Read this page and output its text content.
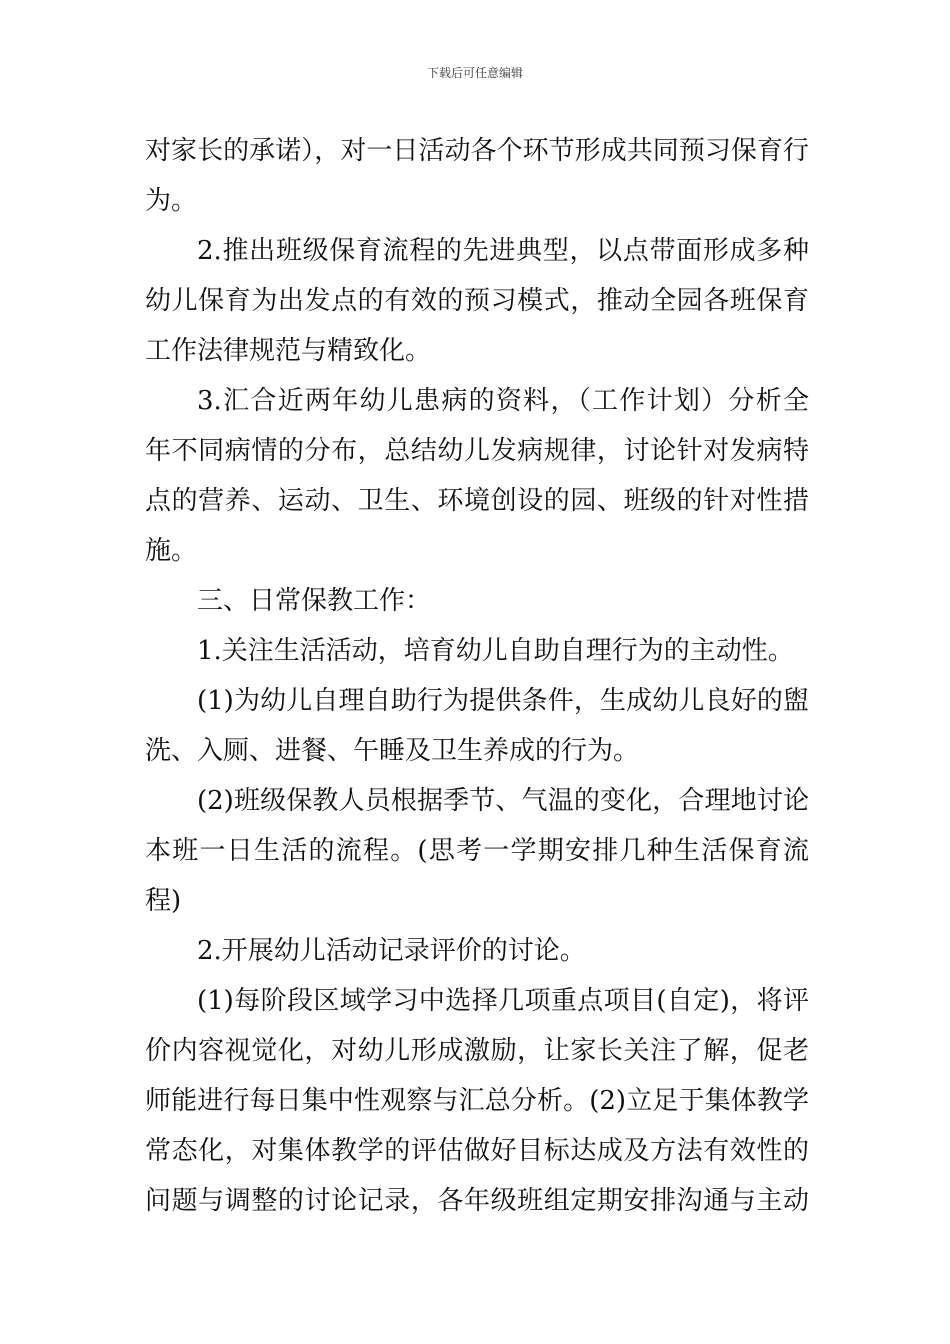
下载后可任意编辑
对家长的承诺），对一日活动各个环节形成共同预习保育行
为。
2.推出班级保育流程的先进典型，以点带面形成多种
幼儿保育为出发点的有效的预习模式，推动全园各班保育
工作法律规范与精致化。
3.汇合近两年幼儿患病的资料，（工作计划）分析全
年不同病情的分布，总结幼儿发病规律，讨论针对发病特
点的营养、运动、卫生、环境创设的园、班级的针对性措
施。
三、日常保教工作：
1.关注生活活动，培育幼儿自助自理行为的主动性。
(1)为幼儿自理自助行为提供条件，生成幼儿良好的盥
洗、入厕、进餐、午睡及卫生养成的行为。
(2)班级保教人员根据季节、气温的变化，合理地讨论
本班一日生活的流程。(思考一学期安排几种生活保育流
程)
2.开展幼儿活动记录评价的讨论。
(1)每阶段区域学习中选择几项重点项目(自定)，将评
价内容视觉化，对幼儿形成激励，让家长关注了解，促老
师能进行每日集中性观察与汇总分析。(2)立足于集体教学
常态化，对集体教学的评估做好目标达成及方法有效性的
问题与调整的讨论记录，各年级班组定期安排沟通与主动
